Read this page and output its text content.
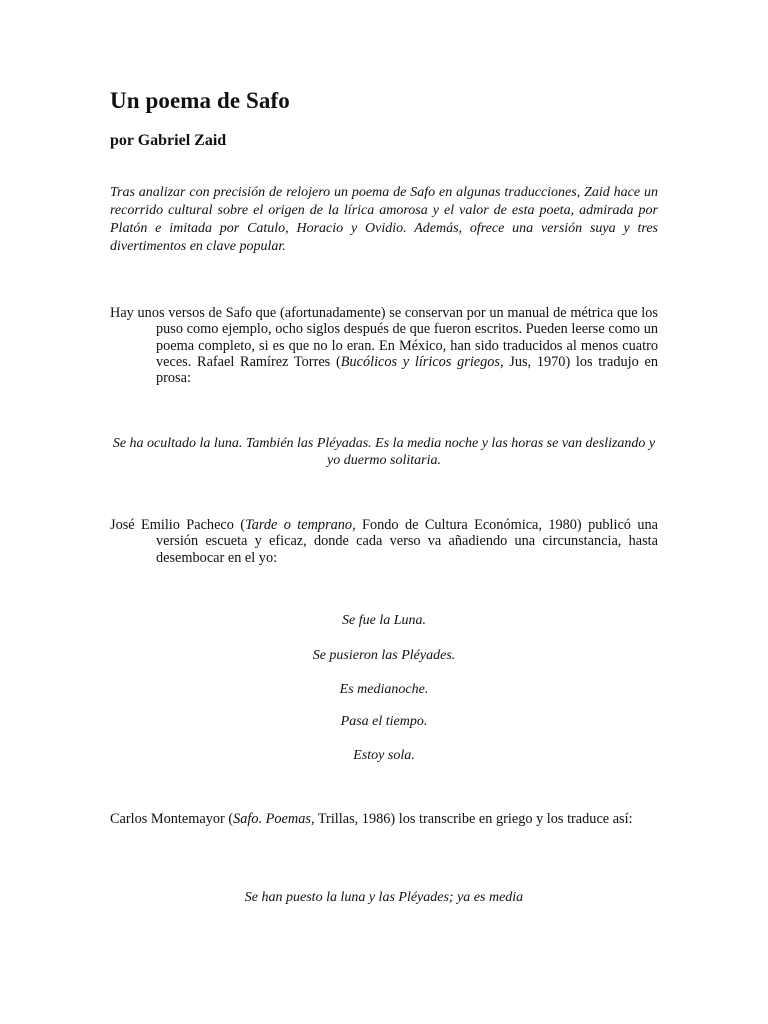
Un poema de Safo
por Gabriel Zaid
Tras analizar con precisión de relojero un poema de Safo en algunas traducciones, Zaid hace un recorrido cultural sobre el origen de la lírica amorosa y el valor de esta poeta, admirada por Platón e imitada por Catulo, Horacio y Ovidio. Además, ofrece una versión suya y tres divertimentos en clave popular.
Hay unos versos de Safo que (afortunadamente) se conservan por un manual de métrica que los puso como ejemplo, ocho siglos después de que fueron escritos. Pueden leerse como un poema completo, si es que no lo eran. En México, han sido traducidos al menos cuatro veces. Rafael Ramírez Torres (Bucólicos y líricos griegos, Jus, 1970) los tradujo en prosa:
Se ha ocultado la luna. También las Pléyadas. Es la media noche y las horas se van deslizando y yo duermo solitaria.
José Emilio Pacheco (Tarde o temprano, Fondo de Cultura Económica, 1980) publicó una versión escueta y eficaz, donde cada verso va añadiendo una circunstancia, hasta desembocar en el yo:
Se fue la Luna.
Se pusieron las Pléyades.
Es medianoche.
Pasa el tiempo.
Estoy sola.
Carlos Montemayor (Safo. Poemas, Trillas, 1986) los transcribe en griego y los traduce así:
Se han puesto la luna y las Pléyades; ya es media
